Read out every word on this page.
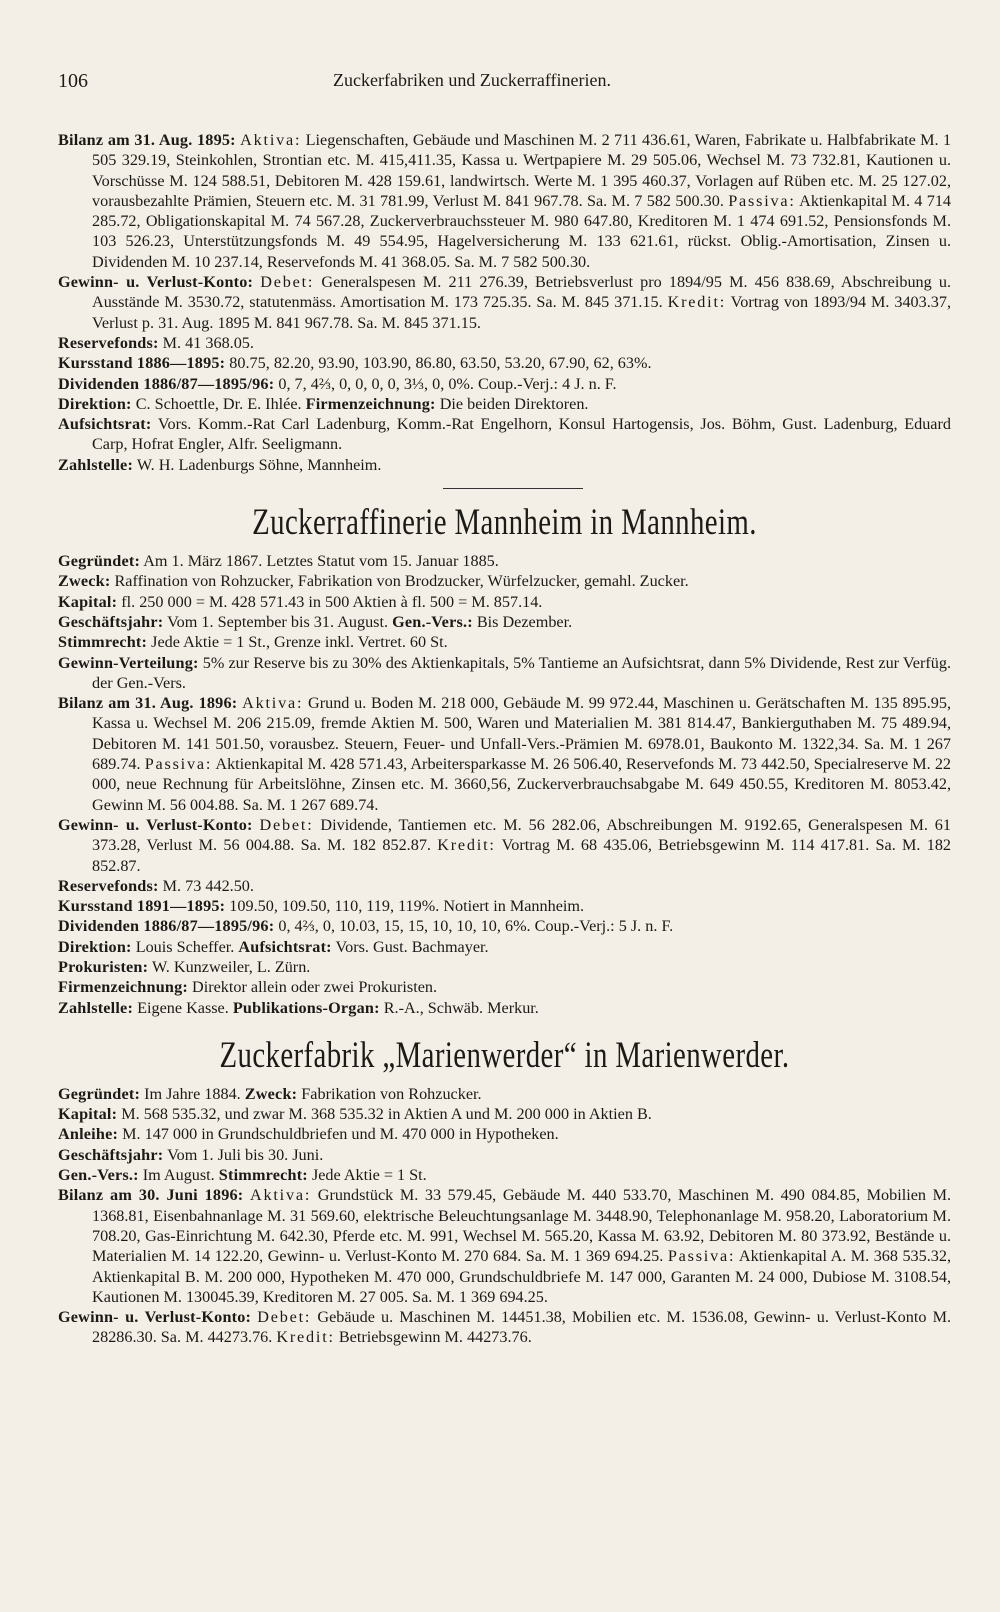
106	Zuckerfabriken und Zuckerraffinerien.

Bilanz am 31. Aug. 1895: Aktiva: Liegenschaften, Gebäude und Maschinen M. 2 711 436.61, Waren, Fabrikate u. Halbfabrikate M. 1 505 329.19, Steinkohlen, Strontian etc. M. 415,411.35, Kassa u. Wertpapiere M. 29 505.06, Wechsel M. 73 732.81, Kautionen u. Vorschüsse M. 124 588.51, Debitoren M. 428 159.61, landwirtsch. Werte M. 1 395 460.37, Vorlagen auf Rüben etc. M. 25 127.02, vorausbezahlte Prämien, Steuern etc. M. 31 781.99, Verlust M. 841 967.78. Sa. M. 7 582 500.30. Passiva: Aktienkapital M. 4 714 285.72, Obligationskapital M. 74 567.28, Zuckerverbrauchssteuer M. 980 647.80, Kreditoren M. 1 474 691.52, Pensionsfonds M. 103 526.23, Unterstützungsfonds M. 49 554.95, Hagelversicherung M. 133 621.61, rückst. Oblig.-Amortisation, Zinsen u. Dividenden M. 10 237.14, Reservefonds M. 41 368.05. Sa. M. 7 582 500.30.

Gewinn- u. Verlust-Konto: Debet: Generalspesen M. 211 276.39, Betriebsverlust pro 1894/95 M. 456 838.69, Abschreibung u. Ausstände M. 3530.72, statutenmäss. Amortisation M. 173 725.35. Sa. M. 845 371.15. Kredit: Vortrag von 1893/94 M. 3403.37, Verlust p. 31. Aug. 1895 M. 841 967.78. Sa. M. 845 371.15.

Reservefonds: M. 41 368.05.

Kursstand 1886—1895: 80.75, 82.20, 93.90, 103.90, 86.80, 63.50, 53.20, 67.90, 62, 63%.

Dividenden 1886/87—1895/96: 0, 7, 4⅔, 0, 0, 0, 0, 3⅓, 0, 0%. Coup.-Verj.: 4 J. n. F.

Direktion: C. Schoettle, Dr. E. Ihlée. Firmenzeichnung: Die beiden Direktoren.

Aufsichtsrat: Vors. Komm.-Rat Carl Ladenburg, Komm.-Rat Engelhorn, Konsul Hartogensis, Jos. Böhm, Gust. Ladenburg, Eduard Carp, Hofrat Engler, Alfr. Seeligmann.

Zahlstelle: W. H. Ladenburgs Söhne, Mannheim.

Zuckerraffinerie Mannheim in Mannheim.

Gegründet: Am 1. März 1867. Letztes Statut vom 15. Januar 1885.

Zweck: Raffination von Rohzucker, Fabrikation von Brodzucker, Würfelzucker, gemahl. Zucker.

Kapital: fl. 250 000 = M. 428 571.43 in 500 Aktien à fl. 500 = M. 857.14.

Geschäftsjahr: Vom 1. September bis 31. August. Gen.-Vers.: Bis Dezember.

Stimmrecht: Jede Aktie = 1 St., Grenze inkl. Vertret. 60 St.

Gewinn-Verteilung: 5% zur Reserve bis zu 30% des Aktienkapitals, 5% Tantieme an Aufsichtsrat, dann 5% Dividende, Rest zur Verfüg. der Gen.-Vers.

Bilanz am 31. Aug. 1896: Aktiva: Grund u. Boden M. 218 000, Gebäude M. 99 972.44, Maschinen u. Gerätschaften M. 135 895.95, Kassa u. Wechsel M. 206 215.09, fremde Aktien M. 500, Waren und Materialien M. 381 814.47, Bankierguthaben M. 75 489.94, Debitoren M. 141 501.50, vorausbez. Steuern, Feuer- und Unfall-Vers.-Prämien M. 6978.01, Baukonto M. 1322,34. Sa. M. 1 267 689.74. Passiva: Aktienkapital M. 428 571.43, Arbeitersparkasse M. 26 506.40, Reservefonds M. 73 442.50, Specialreserve M. 22 000, neue Rechnung für Arbeitslöhne, Zinsen etc. M. 3660,56, Zuckerverbrauchsabgabe M. 649 450.55, Kreditoren M. 8053.42, Gewinn M. 56 004.88. Sa. M. 1 267 689.74.

Gewinn- u. Verlust-Konto: Debet: Dividende, Tantiemen etc. M. 56 282.06, Abschreibungen M. 9192.65, Generalspesen M. 61 373.28, Verlust M. 56 004.88. Sa. M. 182 852.87. Kredit: Vortrag M. 68 435.06, Betriebsgewinn M. 114 417.81. Sa. M. 182 852.87.

Reservefonds: M. 73 442.50.

Kursstand 1891—1895: 109.50, 109.50, 110, 119, 119%. Notiert in Mannheim.

Dividenden 1886/87—1895/96: 0, 4⅔, 0, 10.03, 15, 15, 10, 10, 10, 6%. Coup.-Verj.: 5 J. n. F.

Direktion: Louis Scheffer. Aufsichtsrat: Vors. Gust. Bachmayer.

Prokuristen: W. Kunzweiler, L. Zürn.

Firmenzeichnung: Direktor allein oder zwei Prokuristen.

Zahlstelle: Eigene Kasse. Publikations-Organ: R.-A., Schwäb. Merkur.

Zuckerfabrik „Marienwerder“ in Marienwerder.

Gegründet: Im Jahre 1884. Zweck: Fabrikation von Rohzucker.

Kapital: M. 568 535.32, und zwar M. 368 535.32 in Aktien A und M. 200 000 in Aktien B.

Anleihe: M. 147 000 in Grundschuldbriefen und M. 470 000 in Hypotheken.

Geschäftsjahr: Vom 1. Juli bis 30. Juni.

Gen.-Vers.: Im August. Stimmrecht: Jede Aktie = 1 St.

Bilanz am 30. Juni 1896: Aktiva: Grundstück M. 33 579.45, Gebäude M. 440 533.70, Maschinen M. 490 084.85, Mobilien M. 1368.81, Eisenbahnanlage M. 31 569.60, elektrische Beleuchtungsanlage M. 3448.90, Telephonanlage M. 958.20, Laboratorium M. 708.20, Gas-Einrichtung M. 642.30, Pferde etc. M. 991, Wechsel M. 565.20, Kassa M. 63.92, Debitoren M. 80 373.92, Bestände u. Materialien M. 14 122.20, Gewinn- u. Verlust-Konto M. 270 684. Sa. M. 1 369 694.25. Passiva: Aktienkapital A. M. 368 535.32, Aktienkapital B. M. 200 000, Hypotheken M. 470 000, Grundschuldbriefe M. 147 000, Garanten M. 24 000, Dubiose M. 3108.54, Kautionen M. 130045.39, Kreditoren M. 27 005. Sa. M. 1 369 694.25.

Gewinn- u. Verlust-Konto: Debet: Gebäude u. Maschinen M. 14451.38, Mobilien etc. M. 1536.08, Gewinn- u. Verlust-Konto M. 28286.30. Sa. M. 44273.76. Kredit: Betriebsgewinn M. 44273.76.
